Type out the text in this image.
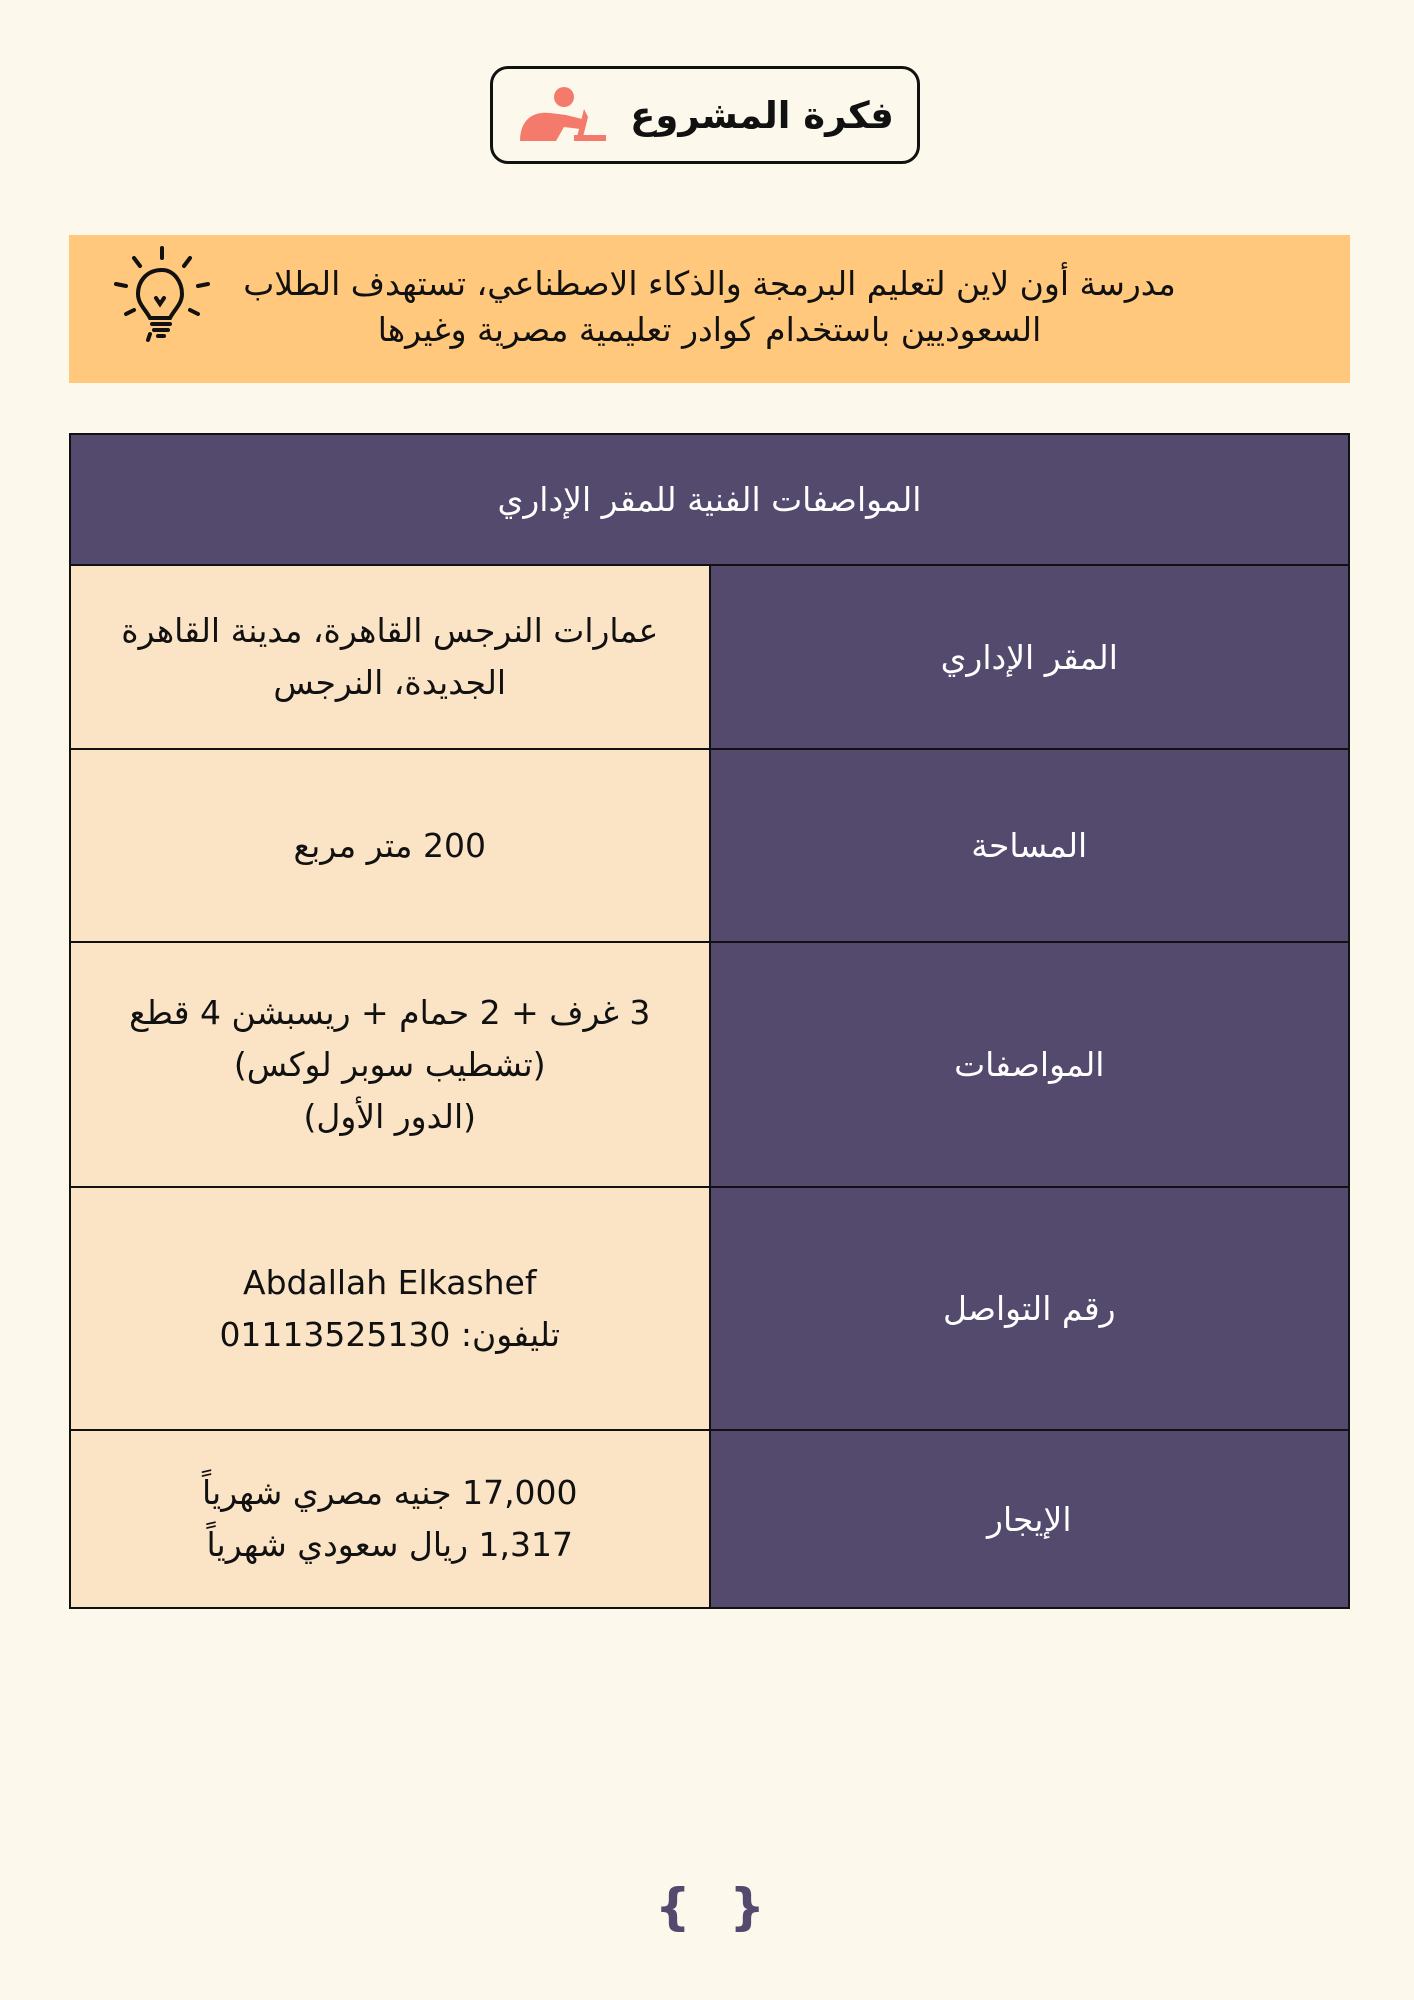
فكرة المشروع
مدرسة أون لاين لتعليم البرمجة والذكاء الاصطناعي، تستهدف الطلاب
السعوديين باستخدام كوادر تعليمية مصرية وغيرها
المواصفات الفنية للمقر الإداري	
المقر الإداري	عمارات النرجس القاهرة، مدينة القاهرة الجديدة، النرجس

المساحة	200 متر مربع

المواصفات	3 غرف + 2 حمام + ريسبشن 4 قطع
(تشطيب سوبر لوكس)
(الدور الأول)

رقم التواصل	Abdallah Elkashef
تليفون: 01113525130

الإيجار	17,000 جنيه مصري شهرياً
1,317 ريال سعودي شهرياً
{ }
